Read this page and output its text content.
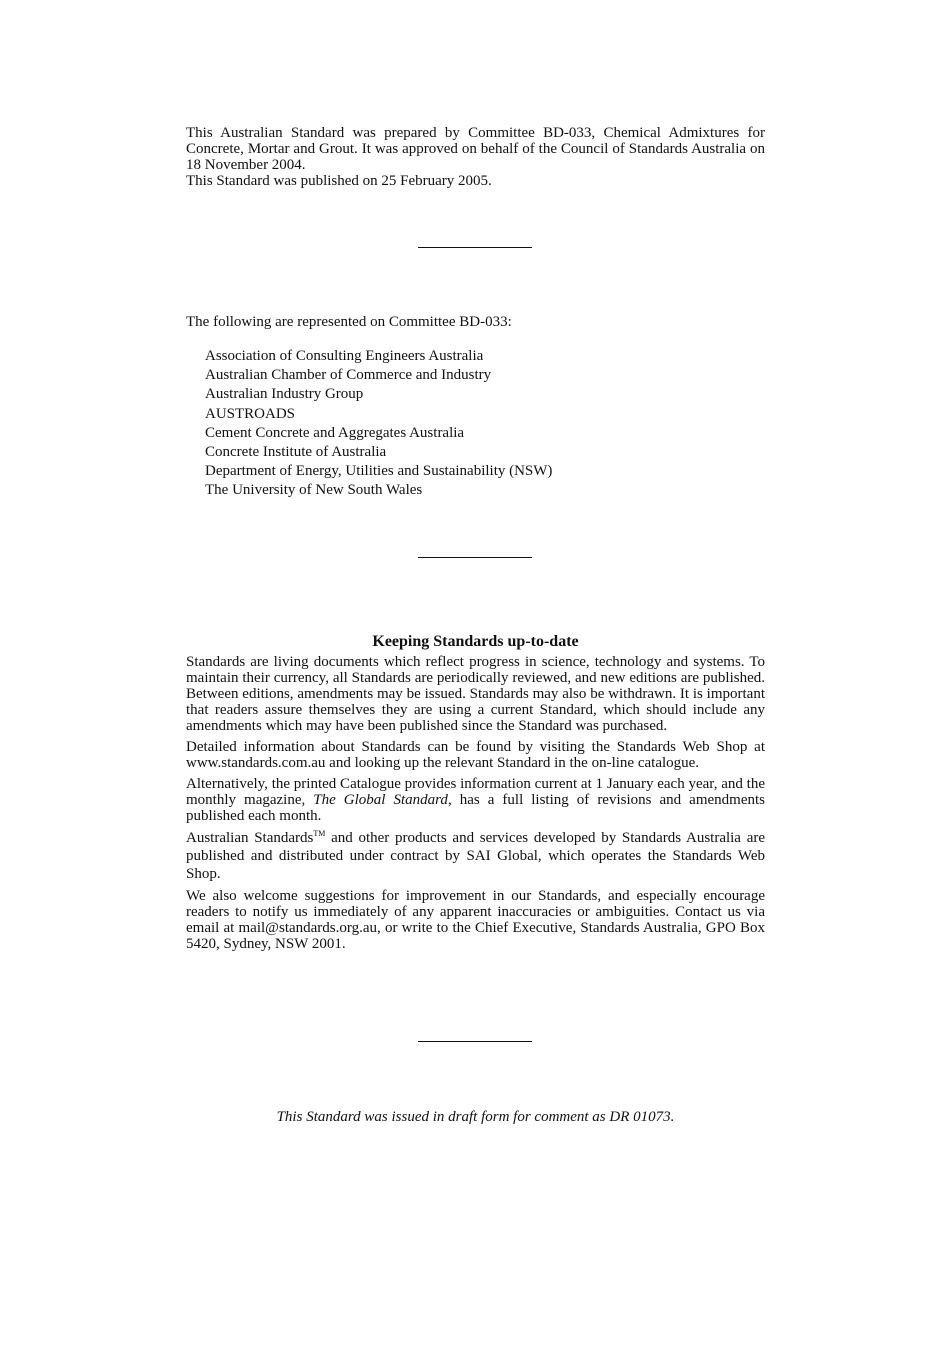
This Australian Standard was prepared by Committee BD-033, Chemical Admixtures for Concrete, Mortar and Grout. It was approved on behalf of the Council of Standards Australia on 18 November 2004.

This Standard was published on 25 February 2005.

The following are represented on Committee BD-033:

Association of Consulting Engineers Australia
Australian Chamber of Commerce and Industry
Australian Industry Group
AUSTROADS
Cement Concrete and Aggregates Australia
Concrete Institute of Australia
Department of Energy, Utilities and Sustainability (NSW)
The University of New South Wales
Keeping Standards up-to-date

Standards are living documents which reflect progress in science, technology and systems. To maintain their currency, all Standards are periodically reviewed, and new editions are published. Between editions, amendments may be issued. Standards may also be withdrawn. It is important that readers assure themselves they are using a current Standard, which should include any amendments which may have been published since the Standard was purchased.

Detailed information about Standards can be found by visiting the Standards Web Shop at www.standards.com.au and looking up the relevant Standard in the on-line catalogue.

Alternatively, the printed Catalogue provides information current at 1 January each year, and the monthly magazine, The Global Standard, has a full listing of revisions and amendments published each month.

Australian Standards™ and other products and services developed by Standards Australia are published and distributed under contract by SAI Global, which operates the Standards Web Shop.

We also welcome suggestions for improvement in our Standards, and especially encourage readers to notify us immediately of any apparent inaccuracies or ambiguities. Contact us via email at mail@standards.org.au, or write to the Chief Executive, Standards Australia, GPO Box 5420, Sydney, NSW 2001.

This Standard was issued in draft form for comment as DR 01073.
